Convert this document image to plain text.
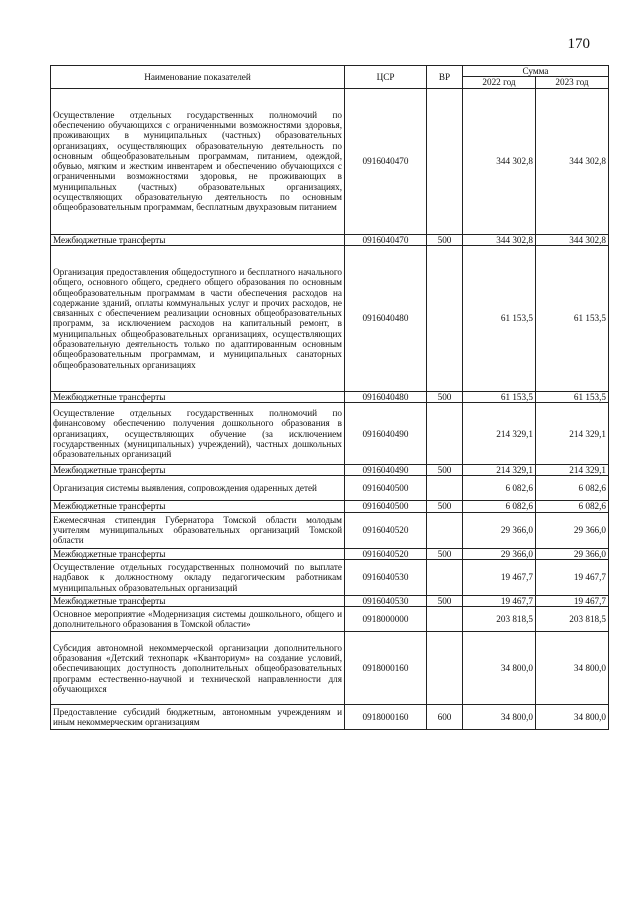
170
Наименование показателей	ЦСР	ВР	Сумма	
			2022 год	2023 год
Осуществление отдельных государственных полномочий по обеспечению обучающихся с ограниченными возможностями здоровья, проживающих в муниципальных (частных) образовательных организациях, осуществляющих образовательную деятельность по основным общеобразовательным программам, питанием, одеждой, обувью, мягким и жестким инвентарем и обеспечению обучающихся с ограниченными возможностями здоровья, не проживающих в муниципальных (частных) образовательных организациях, осуществляющих образовательную деятельность по основным общеобразовательным программам, бесплатным двухразовым питанием	0916040470		344 302,8	344 302,8
Межбюджетные трансферты	0916040470	500	344 302,8	344 302,8
Организация предоставления общедоступного и бесплатного начального общего, основного общего, среднего общего образования по основным общеобразовательным программам в части обеспечения расходов на содержание зданий, оплаты коммунальных услуг и прочих расходов, не связанных с обеспечением реализации основных общеобразовательных программ, за исключением расходов на капитальный ремонт, в муниципальных общеобразовательных организациях, осуществляющих образовательную деятельность только по адаптированным основным общеобразовательным программам, и муниципальных санаторных общеобразовательных организациях	0916040480		61 153,5	61 153,5
Межбюджетные трансферты	0916040480	500	61 153,5	61 153,5
Осуществление отдельных государственных полномочий по финансовому обеспечению получения дошкольного образования в организациях, осуществляющих обучение (за исключением государственных (муниципальных) учреждений), частных дошкольных образовательных организаций	0916040490		214 329,1	214 329,1
Межбюджетные трансферты	0916040490	500	214 329,1	214 329,1
Организация системы выявления, сопровождения одаренных детей	0916040500		6 082,6	6 082,6
Межбюджетные трансферты	0916040500	500	6 082,6	6 082,6
Ежемесячная стипендия Губернатора Томской области молодым учителям муниципальных образовательных организаций Томской области	0916040520		29 366,0	29 366,0
Межбюджетные трансферты	0916040520	500	29 366,0	29 366,0
Осуществление отдельных государственных полномочий по выплате надбавок к должностному окладу педагогическим работникам муниципальных образовательных организаций	0916040530		19 467,7	19 467,7
Межбюджетные трансферты	0916040530	500	19 467,7	19 467,7
Основное мероприятие «Модернизация системы дошкольного, общего и дополнительного образования в Томской области»	0918000000		203 818,5	203 818,5
Субсидия автономной некоммерческой организации дополнительного образования «Детский технопарк «Кванториум» на создание условий, обеспечивающих доступность дополнительных общеобразовательных программ естественно-научной и технической направленности для обучающихся	0918000160		34 800,0	34 800,0
Предоставление субсидий бюджетным, автономным учреждениям и иным некоммерческим организациям	0918000160	600	34 800,0	34 800,0
